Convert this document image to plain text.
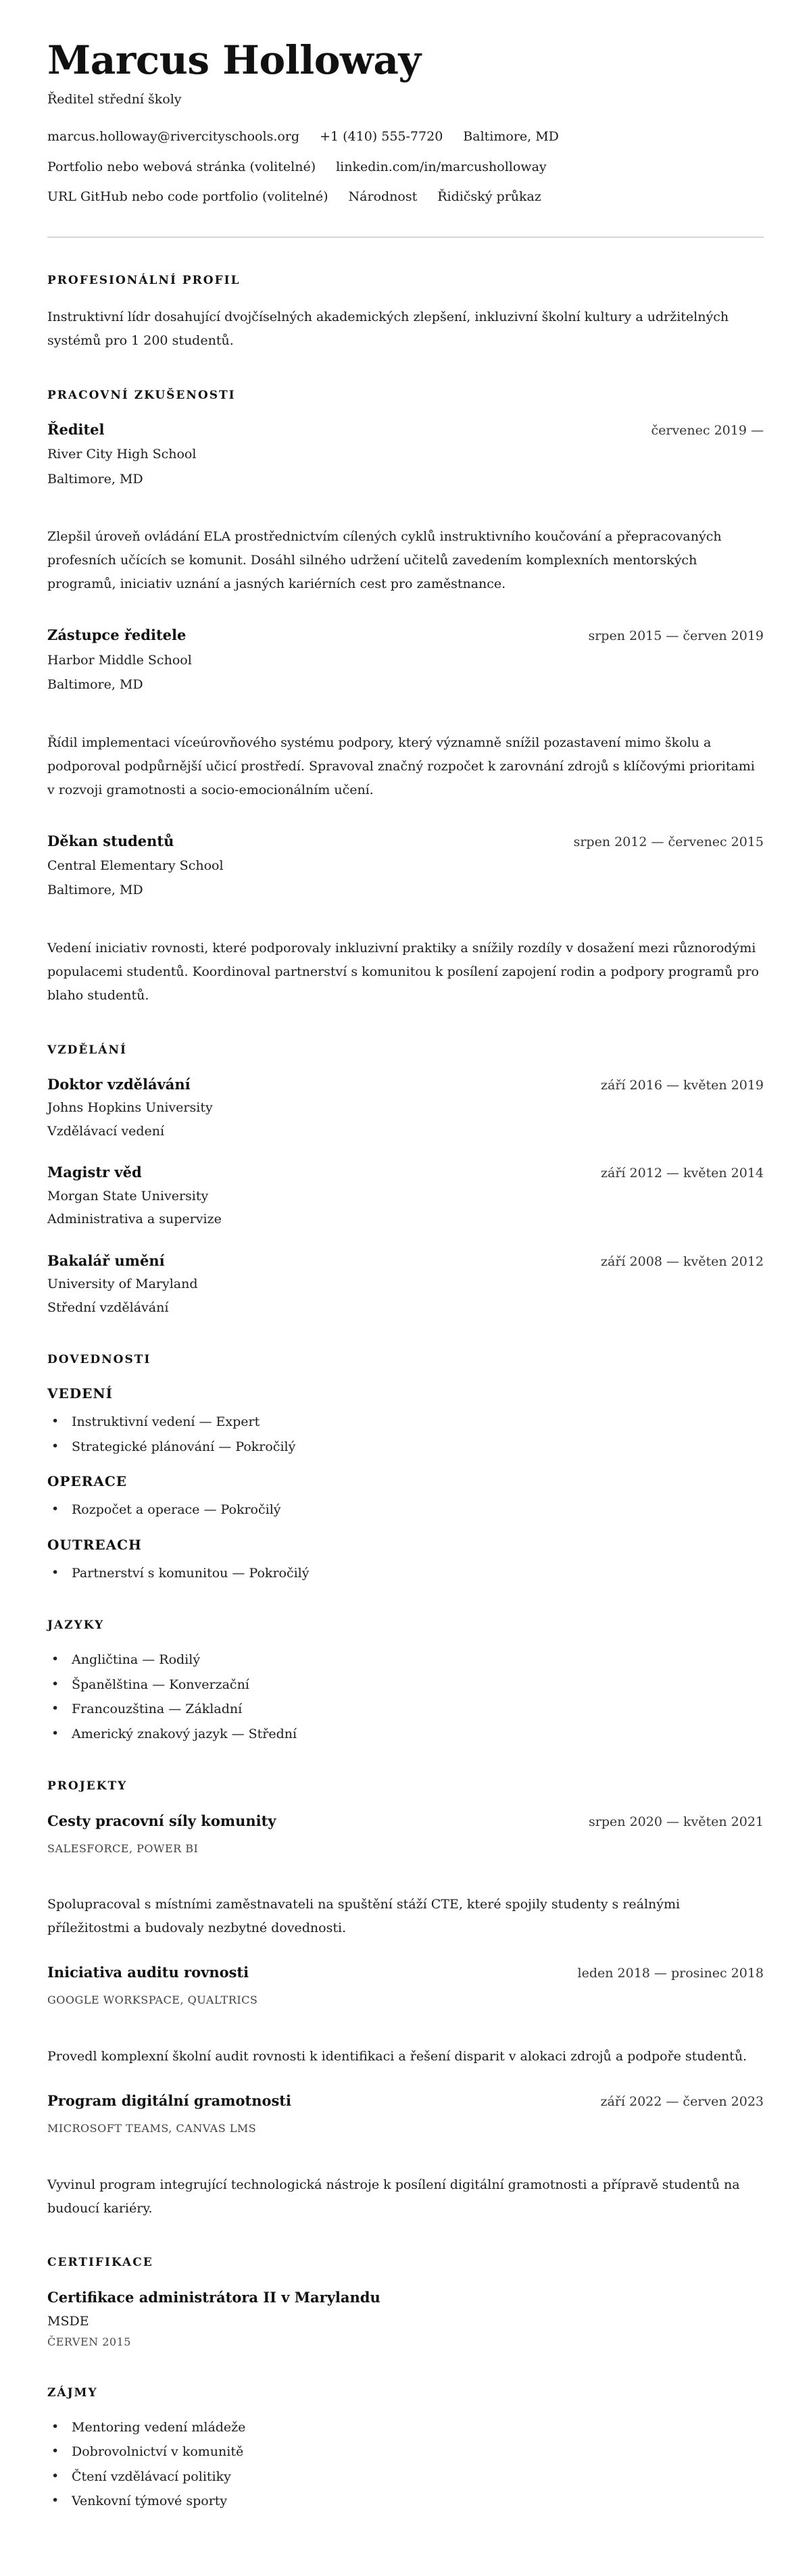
Marcus Holloway

Ředitel střední školy

marcus.holloway@rivercityschools.org +1 (410) 555-7720 Baltimore, MD
Portfolio nebo webová stránka (volitelné) linkedin.com/in/marcusholloway
URL GitHub nebo code portfolio (volitelné) Národnost Řidičský průkaz
PROFESIONÁLNÍ PROFIL

Instruktivní lídr dosahující dvojčíselných akademických zlepšení, inkluzivní školní kultury a udržitelných systémů pro 1 200 studentů.

PRACOVNÍ ZKUŠENOSTI
Ředitel	červenec 2019 —
River City High School
Baltimore, MD

Zlepšil úroveň ovládání ELA prostřednictvím cílených cyklů instruktivního koučování a přepracovaných profesních učících se komunit. Dosáhl silného udržení učitelů zavedením komplexních mentorských programů, iniciativ uznání a jasných kariérních cest pro zaměstnance.

Zástupce ředitele	srpen 2015 — červen 2019
Harbor Middle School
Baltimore, MD

Řídil implementaci víceúrovňového systému podpory, který významně snížil pozastavení mimo školu a podporoval podpůrnější učicí prostředí. Spravoval značný rozpočet k zarovnání zdrojů s klíčovými prioritami v rozvoji gramotnosti a socio-emocionálním učení.

Děkan studentů	srpen 2012 — červenec 2015
Central Elementary School
Baltimore, MD

Vedení iniciativ rovnosti, které podporovaly inkluzivní praktiky a snížily rozdíly v dosažení mezi různorodými populacemi studentů. Koordinoval partnerství s komunitou k posílení zapojení rodin a podpory programů pro blaho studentů.

VZDĚLÁNÍ
Doktor vzdělávání	září 2016 — květen 2019
Johns Hopkins University
Vzdělávací vedení
Magistr věd	září 2012 — květen 2014
Morgan State University
Administrativa a supervize
Bakalář umění	září 2008 — květen 2012
University of Maryland
Střední vzdělávání
DOVEDNOSTI
VEDENÍ
• Instruktivní vedení — Expert
• Strategické plánování — Pokročilý
OPERACE
• Rozpočet a operace — Pokročilý
OUTREACH
• Partnerství s komunitou — Pokročilý
JAZYKY
• Angličtina — Rodilý
• Španělština — Konverzační
• Francouzština — Základní
• Americký znakový jazyk — Střední
PROJEKTY
Cesty pracovní síly komunity	srpen 2020 — květen 2021
SALESFORCE, POWER BI

Spolupracoval s místními zaměstnavateli na spuštění stáží CTE, které spojily studenty s reálnými příležitostmi a budovaly nezbytné dovednosti.

Iniciativa auditu rovnosti	leden 2018 — prosinec 2018
GOOGLE WORKSPACE, QUALTRICS

Provedl komplexní školní audit rovnosti k identifikaci a řešení disparit v alokaci zdrojů a podpoře studentů.

Program digitální gramotnosti	září 2022 — červen 2023
MICROSOFT TEAMS, CANVAS LMS

Vyvinul program integrující technologická nástroje k posílení digitální gramotnosti a přípravě studentů na budoucí kariéry.

CERTIFIKACE
Certifikace administrátora II v Marylandu
MSDE
ČERVEN 2015
ZÁJMY
• Mentoring vedení mládeže
• Dobrovolnictví v komunitě
• Čtení vzdělávací politiky
• Venkovní týmové sporty
